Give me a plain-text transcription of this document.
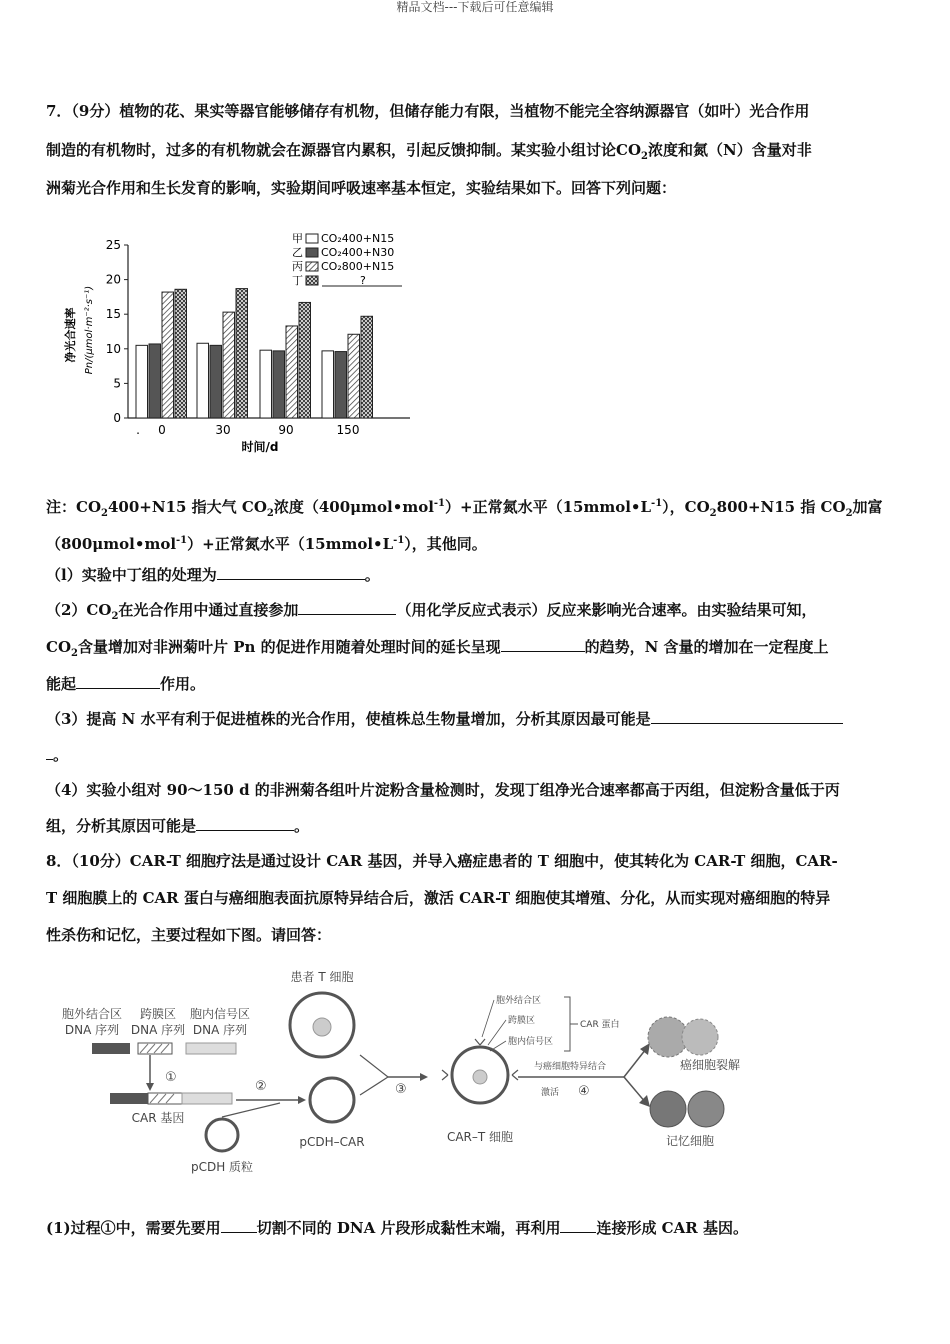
精品文档---下载后可任意编辑
7．（9分）植物的花、果实等器官能够储存有机物，但储存能力有限，当植物不能完全容纳源器官（如叶）光合作用
制造的有机物时，过多的有机物就会在源器官内累积，引起反馈抑制。某实验小组讨论$CO_2$浓度和氮（N）含量对非
洲菊光合作用和生长发育的影响，实验期间呼吸速率基本恒定，实验结果如下。回答下列问题：
净光合速率 Pn/(μmol·m⁻²·s⁻¹)
0
5
10
15
20
25
. 0	30	90	150
甲 CO₂400+N15
乙 CO₂400+N30
丙 CO₂800+N15
丁	?
时间/d
注：$CO_2400+N15$ 指大气 $CO_2$浓度（400μmol•mol$^{-1}$）+正常氮水平$(15mmol•L^{-1})$，$CO_2800+N15$ 指 $CO_2$加富
（800μmol•mol$^{-1}$）+正常氮水平$(15mmol•L^{-1})$，其他同。
（l）实验中丁组的处理为	。
$(2)CO_2$在光合作用中通过直接参加	（用化学反应式表示）反应来影响光合速率。由实验结果可知，
$CO_2$含量增加对非洲菊叶片 Pn 的促进作用随着处理时间的延长呈现	的趋势，N 含量的增加在一定程度上
能起	作用。
（3）提高 N 水平有利于促进植株的光合作用，使植株总生物量增加，分析其原因最可能是
。
（4）实验小组对 90～150 d 的非洲菊各组叶片淀粉含量检测时，发现丁组净光合速率都高于丙组，但淀粉含量低于丙
组，分析其原因可能是	。
8．（10分）CAR-T 细胞疗法是通过设计 CAR 基因，并导入癌症患者的 T 细胞中，使其转化为 CAR-T 细胞，CAR-
T 细胞膜上的 CAR 蛋白与癌细胞表面抗原特异结合后，激活 CAR-T 细胞使其增殖、分化，从而实现对癌细胞的特异
性杀伤和记忆，主要过程如下图。请回答：
胞外结合区
DNA 序列
跨膜区
DNA 序列
胞内信号区
DNA 序列
①
CAR 基因
②
pCDH 质粒
pCDH–CAR
患者 T 细胞
③
CAR–T 细胞
胞外结合区
跨膜区
胞内信号区
CAR 蛋白
与癌细胞特异结合
激活 ④
癌细胞裂解
记忆细胞
(1)过程①中，需要先要用 切割不同的 DNA 片段形成黏性末端，再利用 连接形成 CAR 基因。
